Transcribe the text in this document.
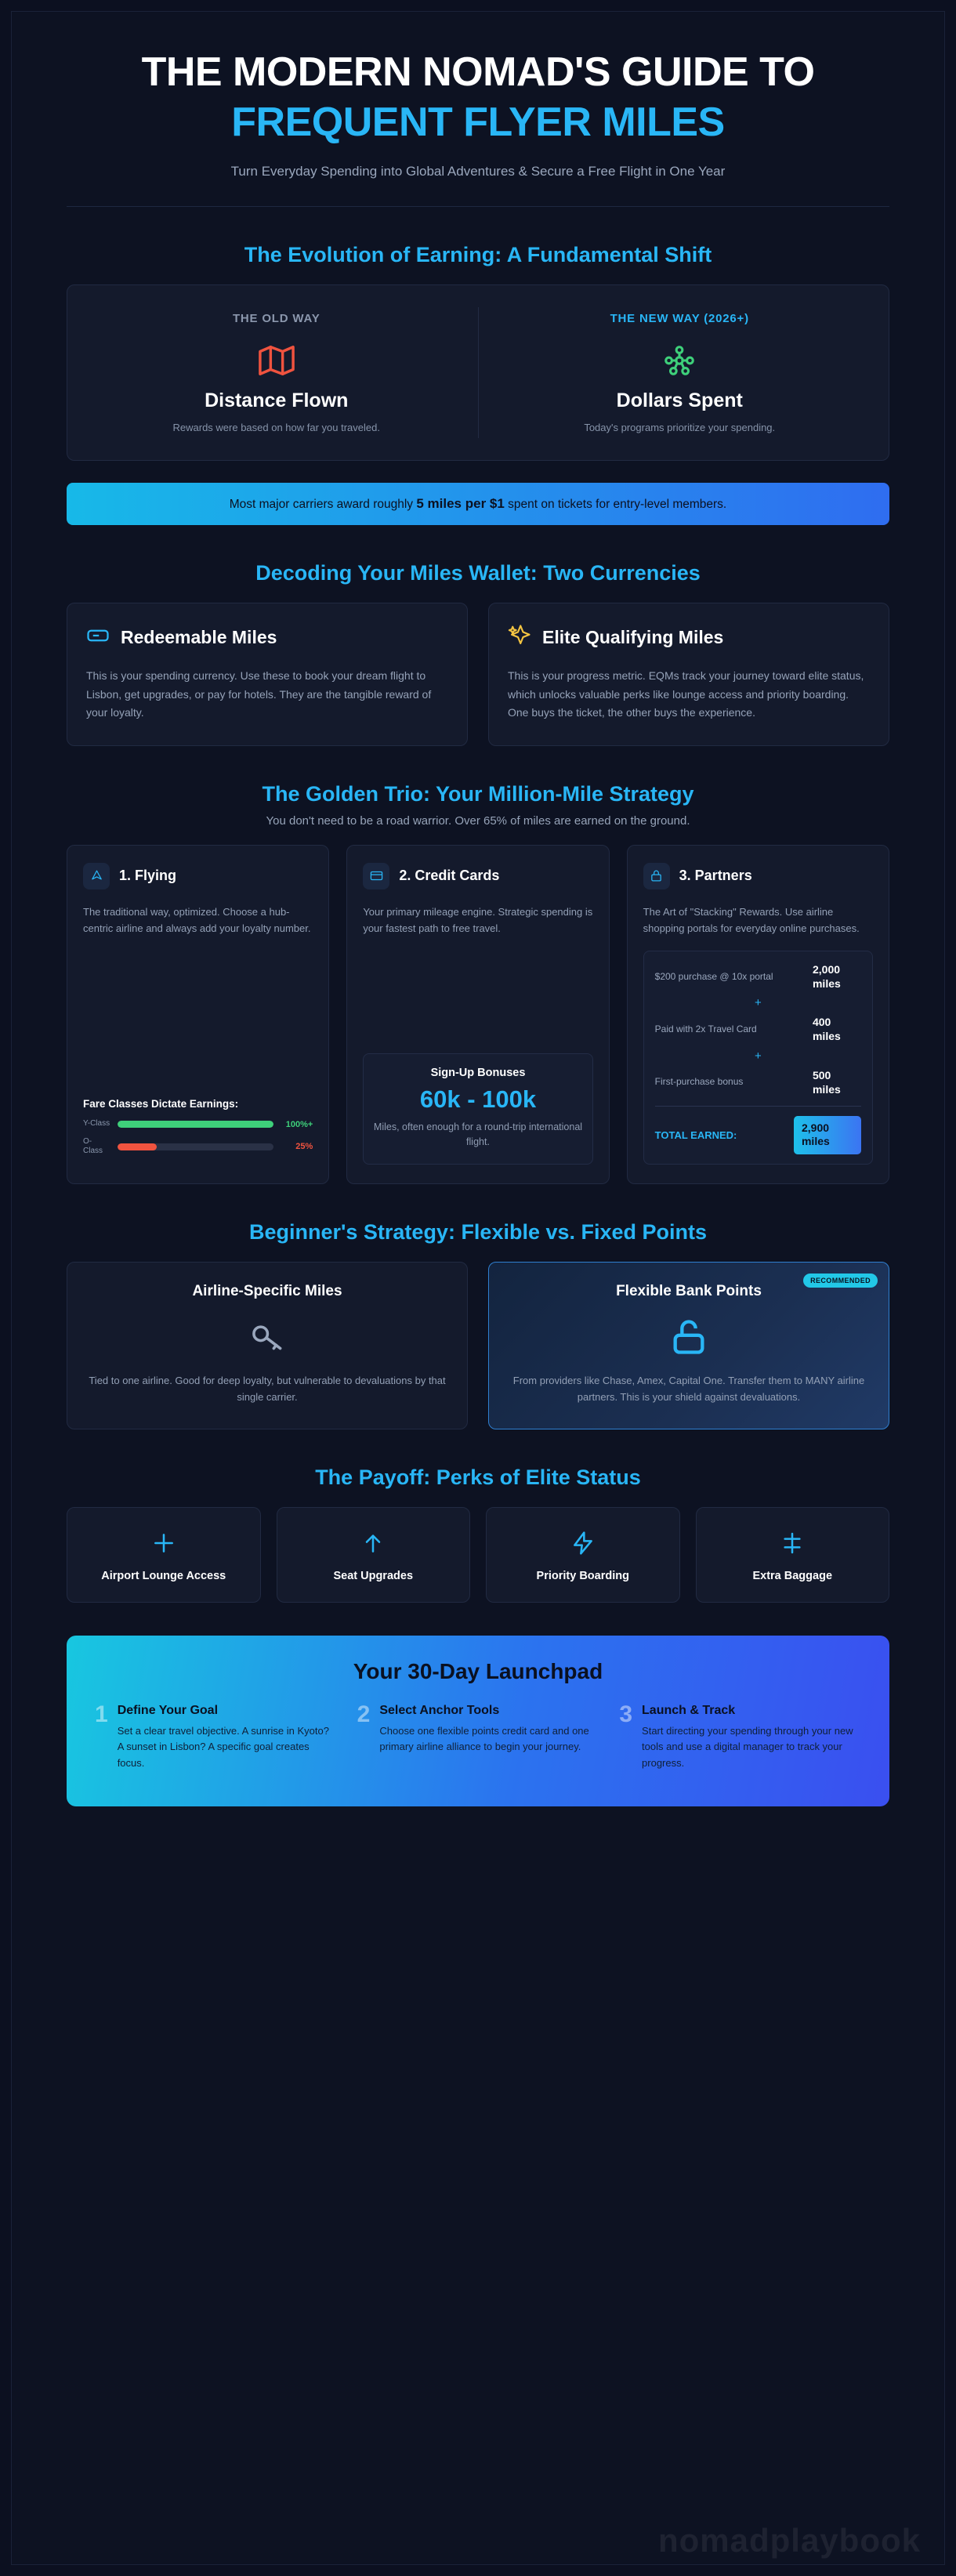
THE MODERN NOMAD'S GUIDE TO
FREQUENT FLYER MILES
Turn Everyday Spending into Global Adventures & Secure a Free Flight in One Year
The Evolution of Earning: A Fundamental Shift
THE OLD WAY
Distance Flown
Rewards were based on how far you traveled.
THE NEW WAY (2026+)
Dollars Spent
Today's programs prioritize your spending.
Most major carriers award roughly 5 miles per $1 spent on tickets for entry-level members.
Decoding Your Miles Wallet: Two Currencies
Redeemable Miles
This is your spending currency. Use these to book your dream flight to Lisbon, get upgrades, or pay for hotels. They are the tangible reward of your loyalty.
Elite Qualifying Miles
This is your progress metric. EQMs track your journey toward elite status, which unlocks valuable perks like lounge access and priority boarding. One buys the ticket, the other buys the experience.
The Golden Trio: Your Million-Mile Strategy
You don't need to be a road warrior. Over 65% of miles are earned on the ground.
1. Flying
The traditional way, optimized. Choose a hub-centric airline and always add your loyalty number.
Fare Classes Dictate Earnings:
Y-Class	100%+
O-Class	25%
2. Credit Cards
Your primary mileage engine. Strategic spending is your fastest path to free travel.
Sign-Up Bonuses
60k - 100k
Miles, often enough for a round-trip international flight.
3. Partners
The Art of "Stacking" Rewards. Use airline shopping portals for everyday online purchases.
$200 purchase @ 10x portal
2,000 miles
+
Paid with 2x Travel Card
400 miles
+
First-purchase bonus
500 miles
TOTAL EARNED:
2,900 miles
Beginner's Strategy: Flexible vs. Fixed Points
Airline-Specific Miles
Tied to one airline. Good for deep loyalty, but vulnerable to devaluations by that single carrier.
RECOMMENDED
Flexible Bank Points
From providers like Chase, Amex, Capital One. Transfer them to MANY airline partners. This is your shield against devaluations.
The Payoff: Perks of Elite Status
Airport Lounge Access	Seat Upgrades	Priority Boarding	Extra Baggage
Your 30-Day Launchpad
1 Define Your Goal
Set a clear travel objective. A sunrise in Kyoto? A sunset in Lisbon? A specific goal creates focus.
2 Select Anchor Tools
Choose one flexible points credit card and one primary airline alliance to begin your journey.
3 Launch & Track
Start directing your spending through your new tools and use a digital manager to track your progress.
nomadplaybook
